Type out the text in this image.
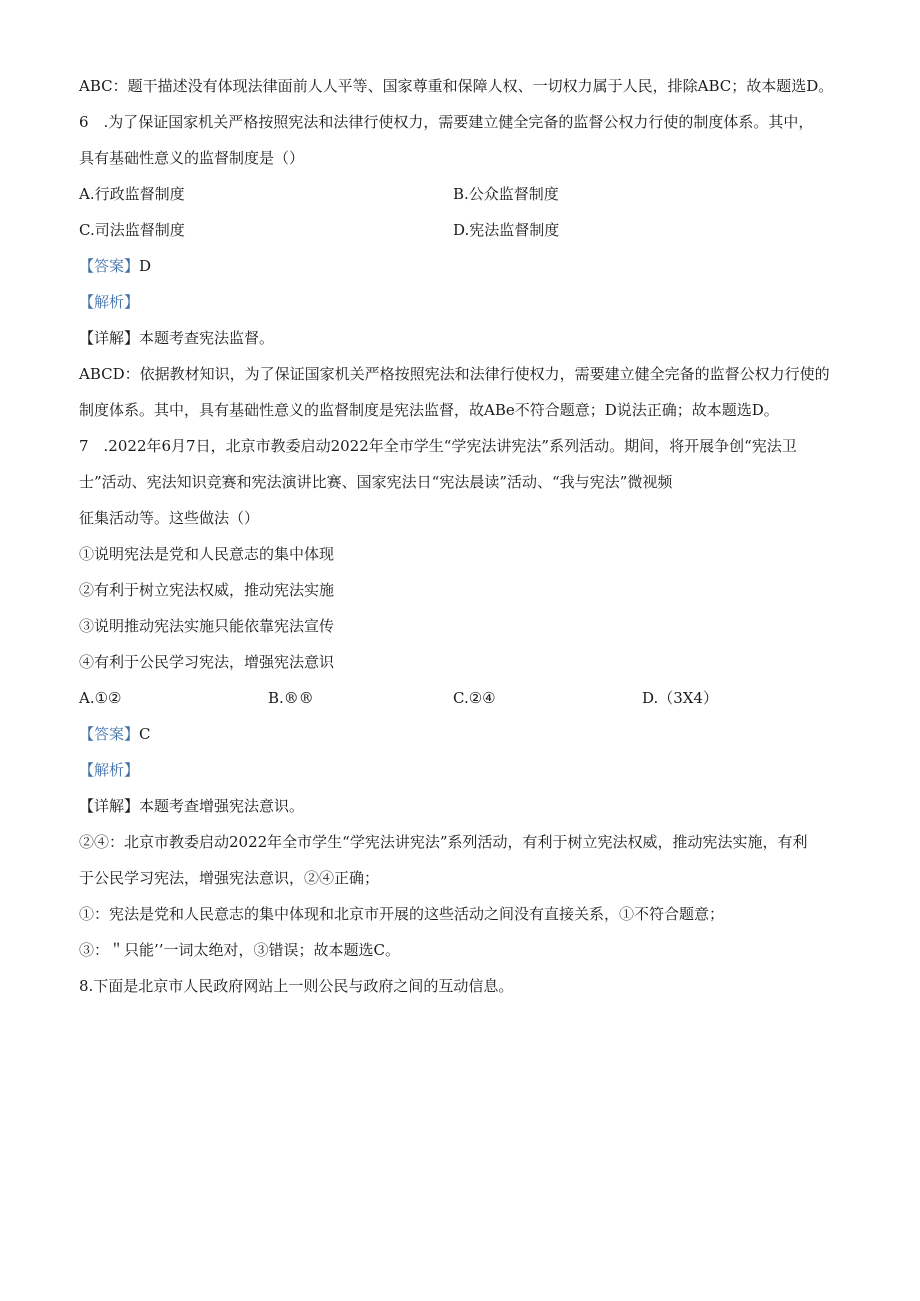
ABC：题干描述没有体现法律面前人人平等、国家尊重和保障人权、一切权力属于人民，排除ABC；故本题选D。
6　.为了保证国家机关严格按照宪法和法律行使权力，需要建立健全完备的监督公权力行使的制度体系。其中，
具有基础性意义的监督制度是（）
A.行政监督制度	B.公众监督制度
C.司法监督制度	D.宪法监督制度
【答案】D
【解析】
【详解】本题考查宪法监督。
ABCD：依据教材知识，为了保证国家机关严格按照宪法和法律行使权力，需要建立健全完备的监督公权力行使的
制度体系。其中，具有基础性意义的监督制度是宪法监督，故ABe不符合题意；D说法正确；故本题选D。
7　.2022年6月7日，北京市教委启动2022年全市学生“学宪法讲宪法”系列活动。期间，将开展争创“宪法卫
士”活动、宪法知识竞赛和宪法演讲比赛、国家宪法日“宪法晨读”活动、“我与宪法”微视频
征集活动等。这些做法（）
①说明宪法是党和人民意志的集中体现
②有利于树立宪法权威，推动宪法实施
③说明推动宪法实施只能依靠宪法宣传
④有利于公民学习宪法，增强宪法意识
A.①②	B.®®	C.②④	D.（3X4）
【答案】C
【解析】
【详解】本题考查增强宪法意识。
②④：北京市教委启动2022年全市学生“学宪法讲宪法”系列活动，有利于树立宪法权威，推动宪法实施，有利
于公民学习宪法，增强宪法意识，②④正确；
①：宪法是党和人民意志的集中体现和北京市开展的这些活动之间没有直接关系，①不符合题意；
③：＂只能’’一词太绝对，③错误；故本题选C。
8.下面是北京市人民政府网站上一则公民与政府之间的互动信息。
